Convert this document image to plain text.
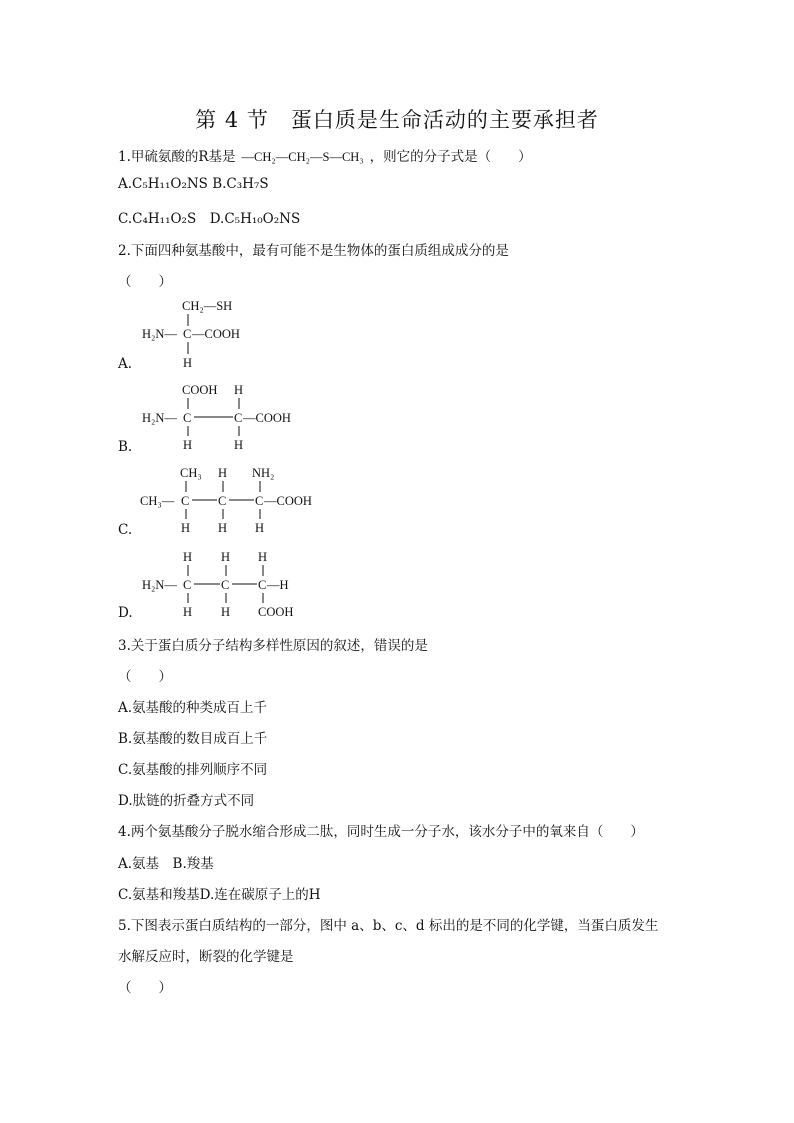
第 4 节　蛋白质是生命活动的主要承担者
1.甲硫氨酸的R基是 —CH₂—CH₂—S—CH₃ ，则它的分子式是（　　）
A.C₅H₁₁O₂NS B.C₃H₇S
C.C₄H₁₁O₂S　D.C₅H₁₀O₂NS
2.下面四种氨基酸中，最有可能不是生物体的蛋白质组成成分的是
（　　）
CH₂—SH
H₂N— C —COOH
H
A.
COOH H
H₂N— C	C —COOH
H	H
B.
CH₃ H NH₂
CH₃— C C C —COOH
H H H
C.
H H H
H₂N— C C C —H
H H COOH
D.
3.关于蛋白质分子结构多样性原因的叙述，错误的是
（　　）
A.氨基酸的种类成百上千
B.氨基酸的数目成百上千
C.氨基酸的排列顺序不同
D.肽链的折叠方式不同
4.两个氨基酸分子脱水缩合形成二肽，同时生成一分子水，该水分子中的氧来自（　　）
A.氨基　B.羧基
C.氨基和羧基D.连在碳原子上的H
5.下图表示蛋白质结构的一部分，图中 a、b、c、d 标出的是不同的化学键，当蛋白质发生
水解反应时，断裂的化学键是
（　　）
